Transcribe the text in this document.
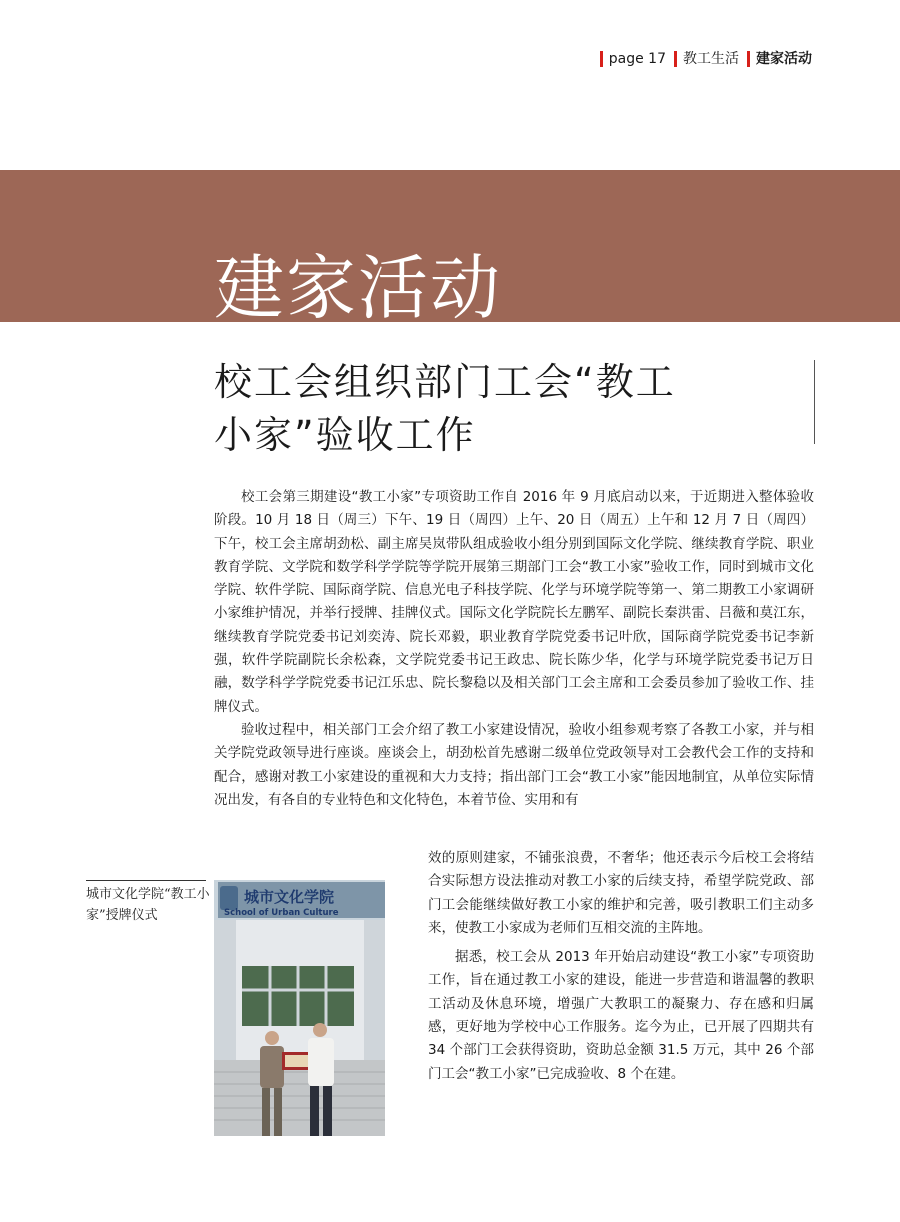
page 17 教工生活 建家活动
建家活动
校工会组织部门工会“教工
小家”验收工作

校工会第三期建设“教工小家”专项资助工作自 2016 年 9 月底启动以来，于近期进入整体验收阶段。10 月 18 日（周三）下午、19 日（周四）上午、20 日（周五）上午和 12 月 7 日（周四）下午，校工会主席胡劲松、副主席吴岚带队组成验收小组分别到国际文化学院、继续教育学院、职业教育学院、文学院和数学科学学院等学院开展第三期部门工会“教工小家”验收工作，同时到城市文化学院、软件学院、国际商学院、信息光电子科技学院、化学与环境学院等第一、第二期教工小家调研小家维护情况，并举行授牌、挂牌仪式。国际文化学院院长左鹏军、副院长秦洪雷、吕薇和莫江东，继续教育学院党委书记刘奕涛、院长邓毅，职业教育学院党委书记叶欣，国际商学院党委书记李新强，软件学院副院长余松森，文学院党委书记王政忠、院长陈少华，化学与环境学院党委书记万日融，数学科学学院党委书记江乐忠、院长黎稳以及相关部门工会主席和工会委员参加了验收工作、挂牌仪式。

验收过程中，相关部门工会介绍了教工小家建设情况，验收小组参观考察了各教工小家，并与相关学院党政领导进行座谈。座谈会上，胡劲松首先感谢二级单位党政领导对工会教代会工作的支持和配合，感谢对教工小家建设的重视和大力支持；指出部门工会“教工小家”能因地制宜，从单位实际情况出发，有各自的专业特色和文化特色，本着节俭、实用和有

效的原则建家，不铺张浪费，不奢华；他还表示今后校工会将结合实际想方设法推动对教工小家的后续支持，希望学院党政、部门工会能继续做好教工小家的维护和完善，吸引教职工们主动多来，使教工小家成为老师们互相交流的主阵地。

据悉，校工会从 2013 年开始启动建设“教工小家”专项资助工作，旨在通过教工小家的建设，能进一步营造和谐温馨的教职工活动及休息环境，增强广大教职工的凝聚力、存在感和归属感，更好地为学校中心工作服务。迄今为止，已开展了四期共有 34 个部门工会获得资助，资助总金额 31.5 万元，其中 26 个部门工会“教工小家”已完成验收、8 个在建。

城市文化学院“教工小家”授牌仪式
城市文化学院
School of Urban Culture
